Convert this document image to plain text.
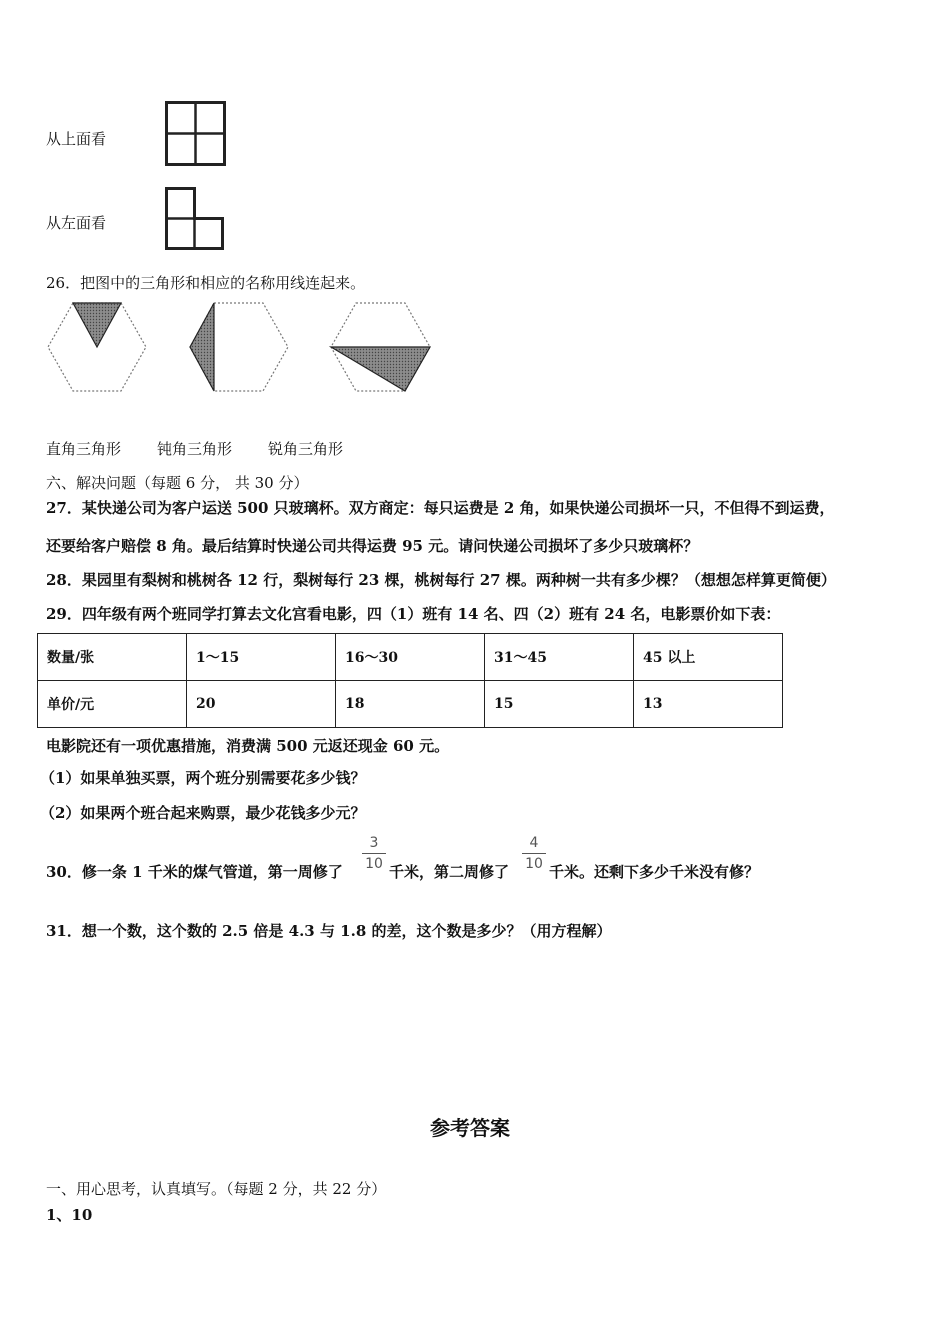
从上面看
从左面看
26．把图中的三角形和相应的名称用线连起来。
直角三角形 钝角三角形 锐角三角形
六、解决问题（每题 6 分， 共 30 分）
27．某快递公司为客户运送 500 只玻璃杯。双方商定：每只运费是 2 角，如果快递公司损坏一只，不但得不到运费，
还要给客户赔偿 8 角。最后结算时快递公司共得运费 95 元。请问快递公司损坏了多少只玻璃杯？
28．果园里有梨树和桃树各 12 行，梨树每行 23 棵，桃树每行 27 棵。两种树一共有多少棵？（想想怎样算更简便）
29．四年级有两个班同学打算去文化宫看电影，四（1）班有 14 名、四（2）班有 24 名，电影票价如下表：
数量/张	1～15	16～30	31～45	45 以上
单价/元	20	18	15	13
电影院还有一项优惠措施，消费满 500 元返还现金 60 元。
（1）如果单独买票，两个班分别需要花多少钱？
（2）如果两个班合起来购票，最少花钱多少元？
30．修一条 1 千米的煤气管道，第一周修了
3
10 千米，第二周修了
4
10 千米。还剩下多少千米没有修？
31．想一个数，这个数的 2.5 倍是 4.3 与 1.8 的差，这个数是多少？（用方程解）
参考答案
一、用心思考，认真填写。（每题 2 分，共 22 分）
1、10
